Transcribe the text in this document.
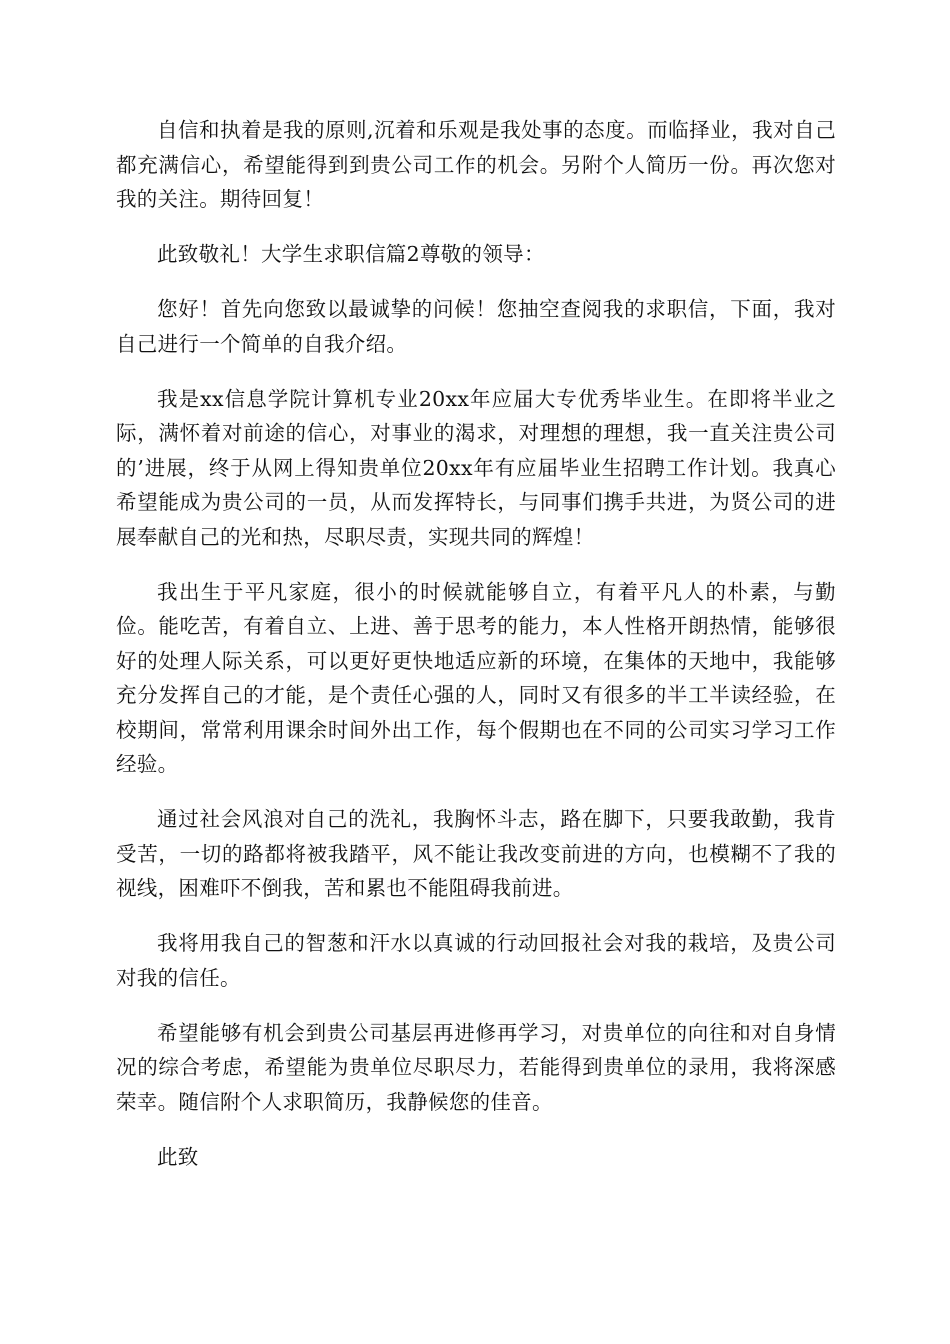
自信和执着是我的原则,沉着和乐观是我处事的态度。而临择业，我对自己都充满信心，希望能得到到贵公司工作的机会。另附个人简历一份。再次您对我的关注。期待回复！

此致敬礼！大学生求职信篇2尊敬的领导：

您好！首先向您致以最诚挚的问候！您抽空查阅我的求职信，下面，我对自己进行一个简单的自我介绍。

我是xx信息学院计算机专业20xx年应届大专优秀毕业生。在即将半业之际，满怀着对前途的信心，对事业的渴求，对理想的理想，我一直关注贵公司的’进展，终于从网上得知贵单位20xx年有应届毕业生招聘工作计划。我真心希望能成为贵公司的一员，从而发挥特长，与同事们携手共进，为贤公司的进展奉献自己的光和热，尽职尽责，实现共同的辉煌！

我出生于平凡家庭，很小的时候就能够自立，有着平凡人的朴素，与勤俭。能吃苦，有着自立、上进、善于思考的能力，本人性格开朗热情，能够很好的处理人际关系，可以更好更快地适应新的环境，在集体的天地中，我能够充分发挥自己的才能，是个责任心强的人，同时又有很多的半工半读经验，在校期间，常常利用课余时间外出工作，每个假期也在不同的公司实习学习工作经验。

通过社会风浪对自己的洗礼，我胸怀斗志，路在脚下，只要我敢勤，我肯受苦，一切的路都将被我踏平，风不能让我改变前进的方向，也模糊不了我的视线，困难吓不倒我，苦和累也不能阻碍我前进。

我将用我自己的智葱和汗水以真诚的行动回报社会对我的栽培，及贵公司对我的信任。

希望能够有机会到贵公司基层再进修再学习，对贵单位的向往和对自身情况的综合考虑，希望能为贵单位尽职尽力，若能得到贵单位的录用，我将深感荣幸。随信附个人求职简历，我静候您的佳音。

此致
